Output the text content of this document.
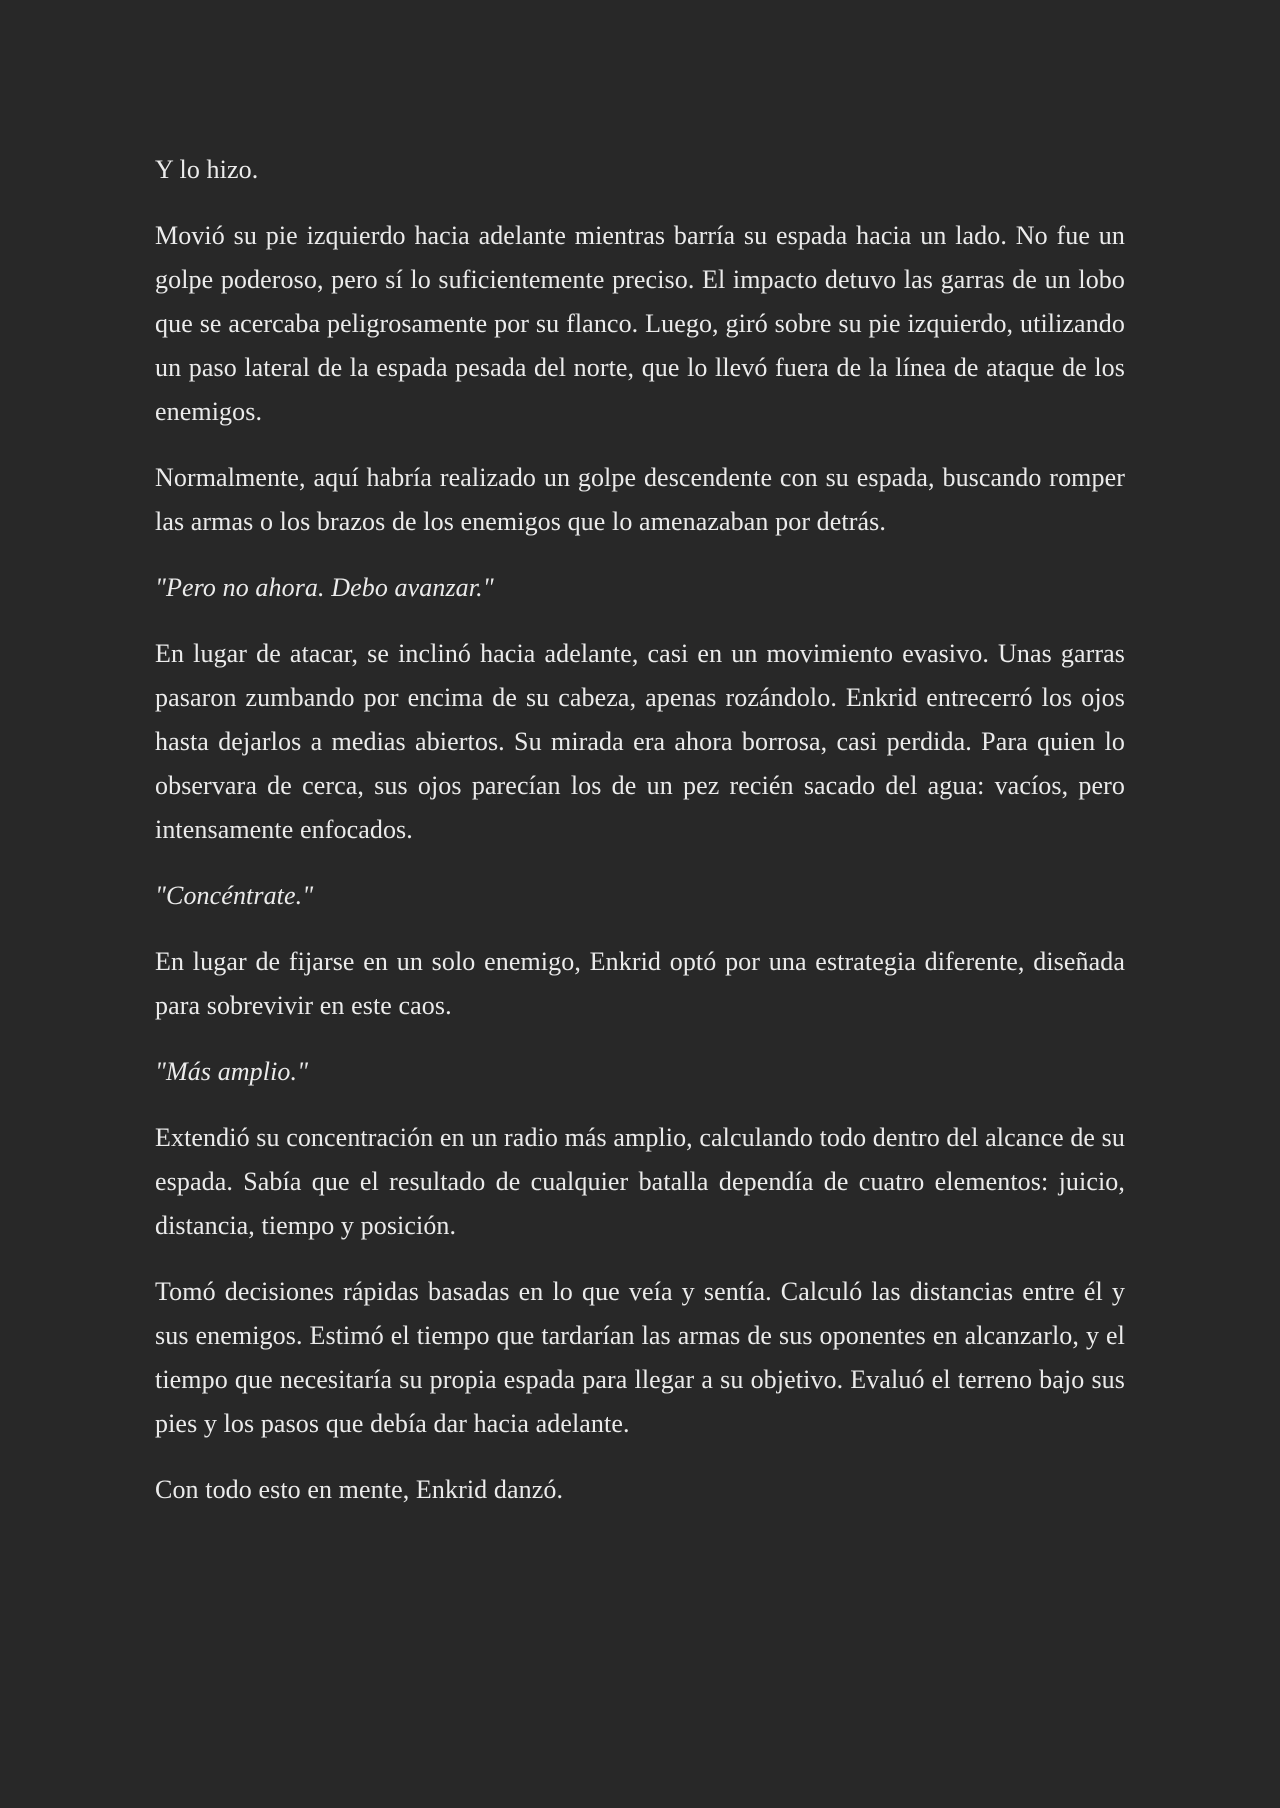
Y lo hizo.

Movió su pie izquierdo hacia adelante mientras barría su espada hacia un lado. No fue un golpe poderoso, pero sí lo suficientemente preciso. El impacto detuvo las garras de un lobo que se acercaba peligrosamente por su flanco. Luego, giró sobre su pie izquierdo, utilizando un paso lateral de la espada pesada del norte, que lo llevó fuera de la línea de ataque de los enemigos.

Normalmente, aquí habría realizado un golpe descendente con su espada, buscando romper las armas o los brazos de los enemigos que lo amenazaban por detrás.

"Pero no ahora. Debo avanzar."

En lugar de atacar, se inclinó hacia adelante, casi en un movimiento evasivo. Unas garras pasaron zumbando por encima de su cabeza, apenas rozándolo. Enkrid entrecerró los ojos hasta dejarlos a medias abiertos. Su mirada era ahora borrosa, casi perdida. Para quien lo observara de cerca, sus ojos parecían los de un pez recién sacado del agua: vacíos, pero intensamente enfocados.

"Concéntrate."

En lugar de fijarse en un solo enemigo, Enkrid optó por una estrategia diferente, diseñada para sobrevivir en este caos.

"Más amplio."

Extendió su concentración en un radio más amplio, calculando todo dentro del alcance de su espada. Sabía que el resultado de cualquier batalla dependía de cuatro elementos: juicio, distancia, tiempo y posición.

Tomó decisiones rápidas basadas en lo que veía y sentía. Calculó las distancias entre él y sus enemigos. Estimó el tiempo que tardarían las armas de sus oponentes en alcanzarlo, y el tiempo que necesitaría su propia espada para llegar a su objetivo. Evaluó el terreno bajo sus pies y los pasos que debía dar hacia adelante.

Con todo esto en mente, Enkrid danzó.
